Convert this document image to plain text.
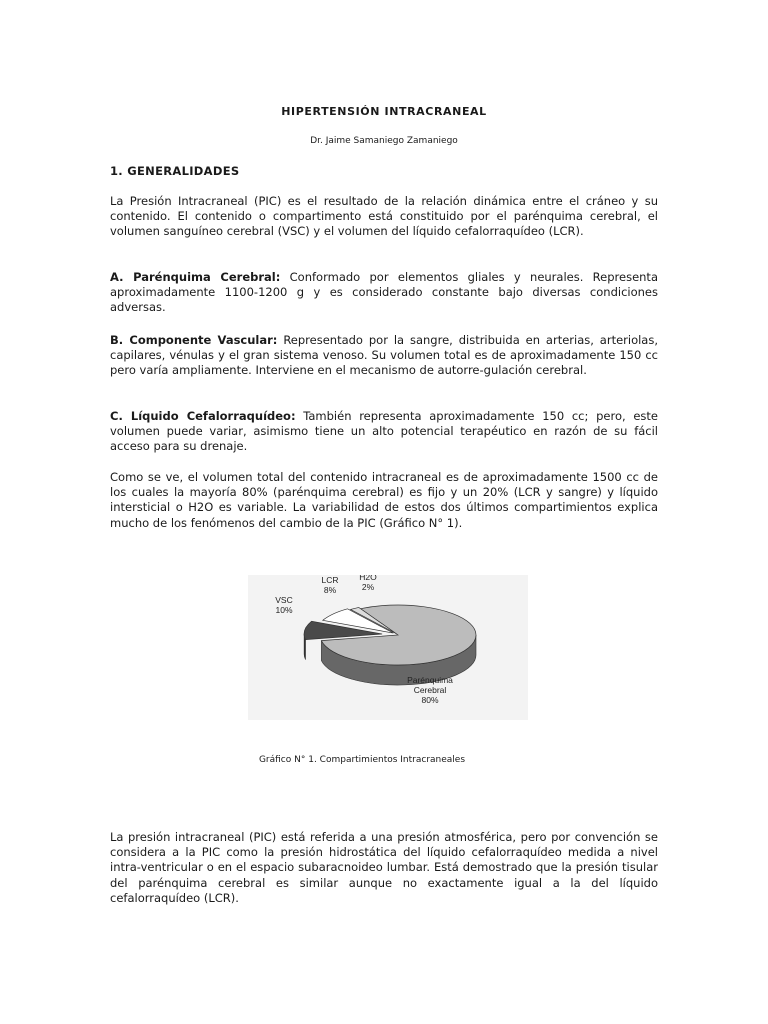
HIPERTENSIÓN INTRACRANEAL
Dr. Jaime Samaniego Zamaniego
1. GENERALIDADES

La Presión Intracraneal (PIC) es el resultado de la relación dinámica entre el cráneo y su contenido. El contenido o compartimento está constituido por el parénquima cerebral, el volumen sanguíneo cerebral (VSC) y el volumen del líquido cefalorraquídeo (LCR).

A. Parénquima Cerebral: Conformado por elementos gliales y neurales. Representa aproximadamente 1100-1200 g y es considerado constante bajo diversas condiciones adversas.

B. Componente Vascular: Representado por la sangre, distribuida en arterias, arteriolas, capilares, vénulas y el gran sistema venoso. Su volumen total es de aproximadamente 150 cc pero varía ampliamente. Interviene en el mecanismo de autorre-gulación cerebral.

C. Líquido Cefalorraquídeo: También representa aproximadamente 150 cc; pero, este volumen puede variar, asimismo tiene un alto potencial terapéutico en razón de su fácil acceso para su drenaje.

Como se ve, el volumen total del contenido intracraneal es de aproximadamente 1500 cc de los cuales la mayoría 80% (parénquima cerebral) es fijo y un 20% (LCR y sangre) y líquido intersticial o H2O es variable. La variabilidad de estos dos últimos compartimientos explica mucho de los fenómenos del cambio de la PIC (Gráfico N° 1).

Parénquima Cerebral 80%
VSC 10%
LCR 8%
H2O 2%
Gráfico N° 1. Compartimientos Intracraneales

La presión intracraneal (PIC) está referida a una presión atmosférica, pero por convención se considera a la PIC como la presión hidrostática del líquido cefalorraquídeo medida a nivel intra-ventricular o en el espacio subaracnoideo lumbar. Está demostrado que la presión tisular del parénquima cerebral es similar aunque no exactamente igual a la del líquido cefalorraquídeo (LCR).
